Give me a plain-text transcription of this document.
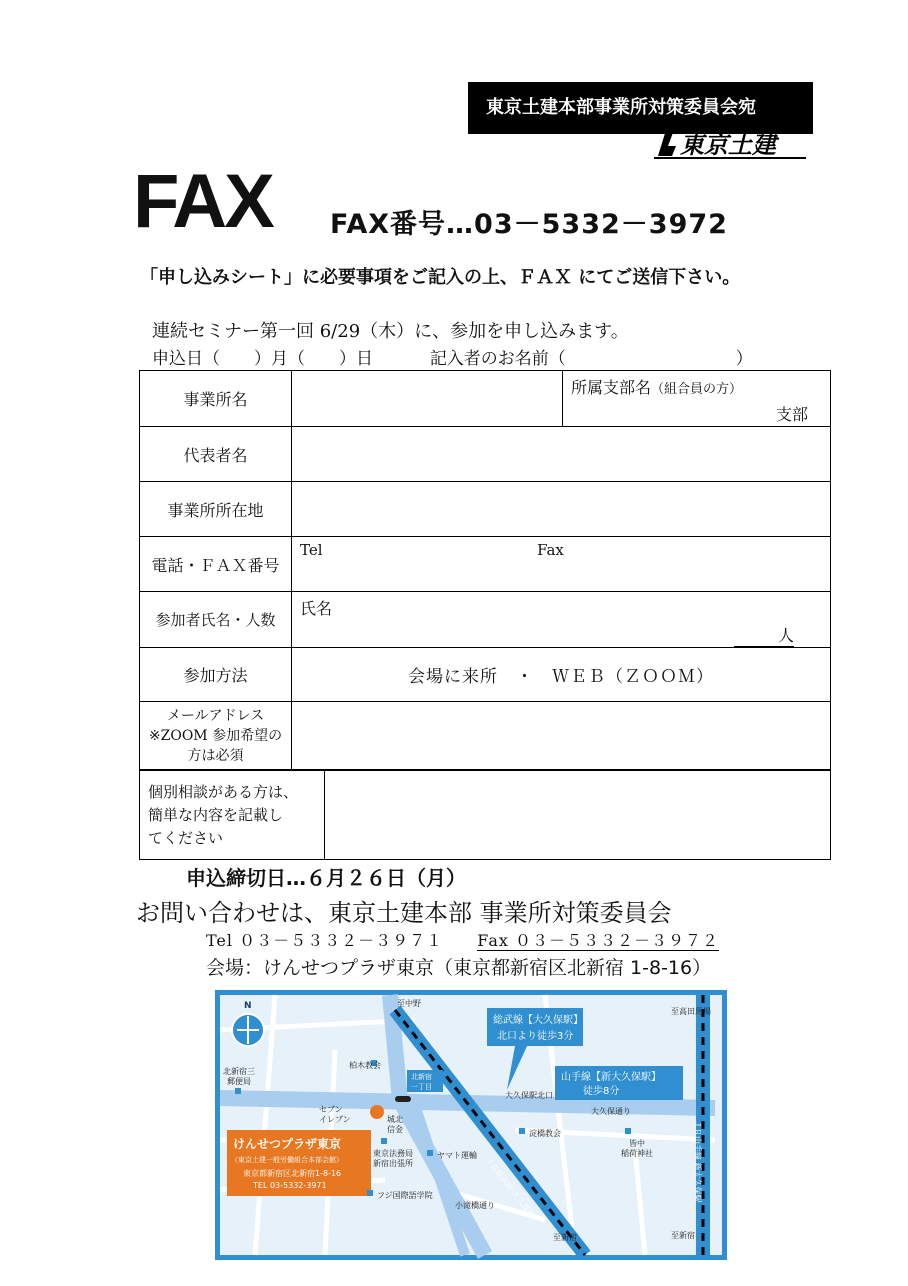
東京土建本部事業所対策委員会宛
東京土建
FAX FAX番号…03－5332－3972
「申し込みシート」に必要事項をご記入の上、ＦＡＸ にてご送信下さい。
連続セミナー第一回 6/29（木）に、参加を申し込みます。
申込日（　　）月（　　）日	記入者のお名前（　　　　　　　　　　）
事業所名		所属支部名（組合員の方）
支部

代表者名		
事業所所在地		
電話・ＦＡＸ番号	Tel Fax	

参加者氏名・人数	氏名
人	

参加方法	会場に来所　・　ＷＥＢ（ＺＯＯＭ）	

メールアドレス
※ZOOM 参加希望の
方は必須		

個別相談がある方は、
簡単な内容を記載し
てください

申込締切日…６月２６日（月）
お問い合わせは、東京土建本部 事業所対策委員会
Tel ０３－５３３２－３９７１ Fax ０３－５３３２－３９７２
会場：けんせつプラザ東京（東京都新宿区北新宿 1-8-16）
N
総武線【大久保駅】
北口より徒歩3分
山手線【新大久保駅】
徒歩8分
けんせつプラザ東京
（東京土建一般労働組合本部会館）
東京都新宿区北新宿1-8-16
TEL 03-5332-3971
北新宿
一丁目
柏木教会
北新宿三
郵便局
セブン
イレブン	城北
信金
東京法務局
新宿出張所
ヤマト運輸
フジ国際語学院
淀橋教会
皆中
稲荷神社
大久保通り
大久保駅北口
小滝橋通り
至中野
至新宿
至高田馬場
至新宿
ＪＲ総武線 大久保駅	ＪＲ山手線 新大久保駅
